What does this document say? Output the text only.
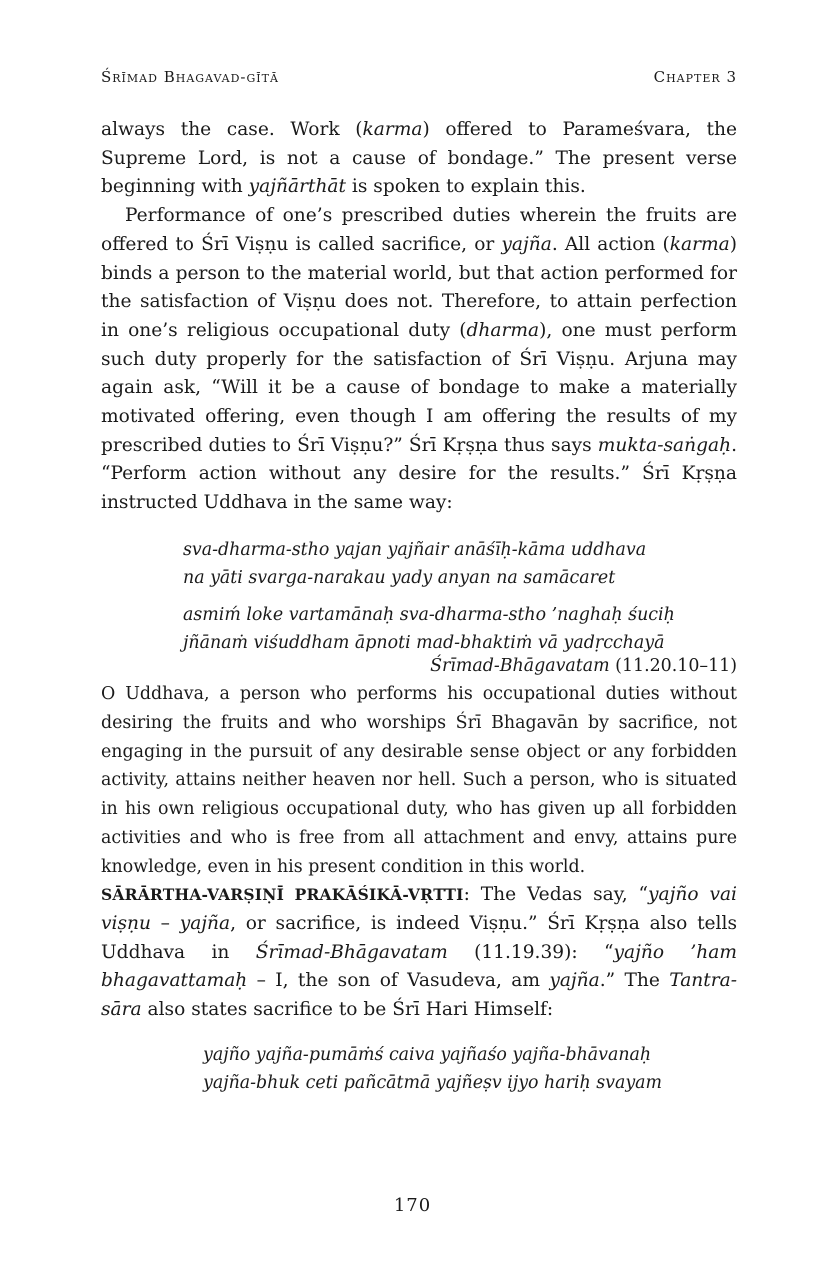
Śrīmad Bhagavad-gītā	Chapter 3

always the case. Work (karma) offered to Parameśvara, the Supreme Lord, is not a cause of bondage.” The present verse beginning with yajñārthāt is spoken to explain this.

Performance of one’s prescribed duties wherein the fruits are offered to Śrī Viṣṇu is called sacrifice, or yajña. All action (karma) binds a person to the material world, but that action performed for the satisfaction of Viṣṇu does not. Therefore, to attain perfection in one’s religious occupational duty (dharma), one must perform such duty properly for the satisfaction of Śrī Viṣṇu. Arjuna may again ask, “Will it be a cause of bondage to make a materially motivated offering, even though I am offering the results of my prescribed duties to Śrī Viṣṇu?” Śrī Kṛṣṇa thus says mukta-saṅgaḥ. “Perform action without any desire for the results.” Śrī Kṛṣṇa instructed Uddhava in the same way:

sva-dharma-stho yajan yajñair anāśīḥ-kāma uddhava
na yāti svarga-narakau yady anyan na samācaret
asmiḿ loke vartamānaḥ sva-dharma-stho ’naghaḥ śuciḥ
jñānaṁ viśuddham āpnoti mad-bhaktiṁ vā yadṛcchayā
Śrīmad-Bhāgavatam (11.20.10–11)

O Uddhava, a person who performs his occupational duties without desiring the fruits and who worships Śrī Bhagavān by sacrifice, not engaging in the pursuit of any desirable sense object or any forbidden activity, attains neither heaven nor hell. Such a person, who is situated in his own religious occupational duty, who has given up all forbidden activities and who is free from all attachment and envy, attains pure knowledge, even in his present condition in this world.

SĀRĀRTHA-VARṢIṆĪ PRAKĀŚIKĀ-VṚTTI: The Vedas say, “yajño vai viṣṇu – yajña, or sacrifice, is indeed Viṣṇu.” Śrī Kṛṣṇa also tells Uddhava in Śrīmad-Bhāgavatam (11.19.39): “yajño ’ham bhagavattamaḥ – I, the son of Vasudeva, am yajña.” The Tantra-sāra also states sacrifice to be Śrī Hari Himself:

yajño yajña-pumāṁś caiva yajñaśo yajña-bhāvanaḥ
yajña-bhuk ceti pañcātmā yajñeṣv ijyo hariḥ svayam
170
